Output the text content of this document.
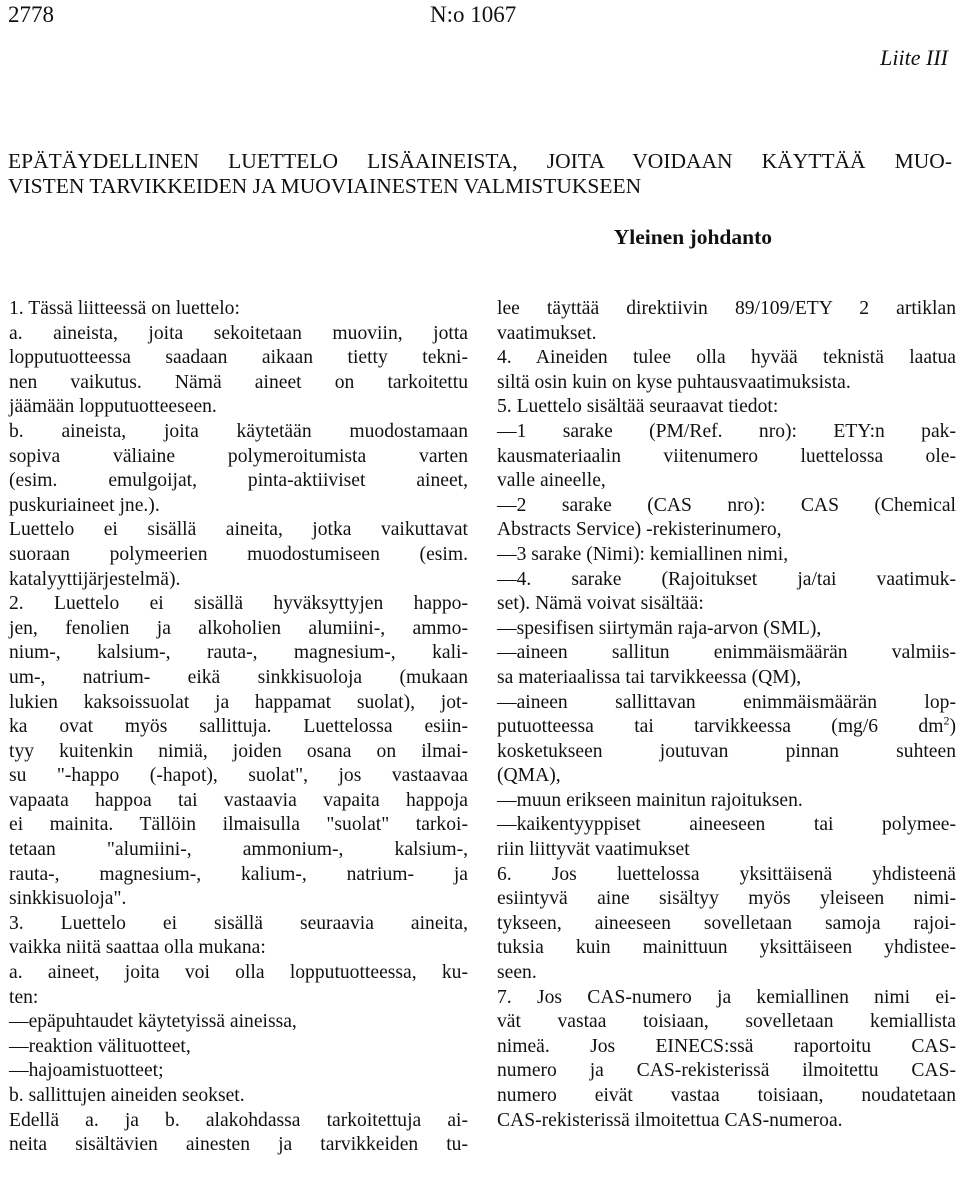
2778	N:o 1067
Liite III
EPÄTÄYDELLINEN LUETTELO LISÄAINEISTA, JOITA VOIDAAN KÄYTTÄÄ MUO-
VISTEN TARVIKKEIDEN JA MUOVIAINESTEN VALMISTUKSEEN
Yleinen johdanto
1. Tässä liitteessä on luettelo:
a. aineista, joita sekoitetaan muoviin, jotta
lopputuotteessa saadaan aikaan tietty tekni-
nen vaikutus. Nämä aineet on tarkoitettu
jäämään lopputuotteeseen.
b. aineista, joita käytetään muodostamaan
sopiva väliaine polymeroitumista varten
(esim. emulgoijat, pinta-aktiiviset aineet,
puskuriaineet jne.).
Luettelo ei sisällä aineita, jotka vaikuttavat
suoraan polymeerien muodostumiseen (esim.
katalyyttijärjestelmä).
2. Luettelo ei sisällä hyväksyttyjen happo-
jen, fenolien ja alkoholien alumiini-, ammo-
nium-, kalsium-, rauta-, magnesium-, kali-
um-, natrium- eikä sinkkisuoloja (mukaan
lukien kaksoissuolat ja happamat suolat), jot-
ka ovat myös sallittuja. Luettelossa esiin-
tyy kuitenkin nimiä, joiden osana on ilmai-
su "-happo (-hapot), suolat", jos vastaavaa
vapaata happoa tai vastaavia vapaita happoja
ei mainita. Tällöin ilmaisulla "suolat" tarkoi-
tetaan "alumiini-, ammonium-, kalsium-,
rauta-, magnesium-, kalium-, natrium- ja
sinkkisuoloja".
3. Luettelo ei sisällä seuraavia aineita,
vaikka niitä saattaa olla mukana:
a. aineet, joita voi olla lopputuotteessa, ku-
ten:
—epäpuhtaudet käytetyissä aineissa,
—reaktion välituotteet,
—hajoamistuotteet;
b. sallittujen aineiden seokset.
Edellä a. ja b. alakohdassa tarkoitettuja ai-
neita sisältävien ainesten ja tarvikkeiden tu-
lee täyttää direktiivin 89/109/ETY 2 artiklan
vaatimukset.
4. Aineiden tulee olla hyvää teknistä laatua
siltä osin kuin on kyse puhtausvaatimuksista.
5. Luettelo sisältää seuraavat tiedot:
—1 sarake (PM/Ref. nro): ETY:n pak-
kausmateriaalin viitenumero luettelossa ole-
valle aineelle,
—2 sarake (CAS nro): CAS (Chemical
Abstracts Service) -rekisterinumero,
—3 sarake (Nimi): kemiallinen nimi,
—4. sarake (Rajoitukset ja/tai vaatimuk-
set). Nämä voivat sisältää:
—spesifisen siirtymän raja-arvon (SML),
—aineen sallitun enimmäismäärän valmiis-
sa materiaalissa tai tarvikkeessa (QM),
—aineen sallittavan enimmäismäärän lop-
putuotteessa tai tarvikkeessa (mg/6 $dm^2$)
kosketukseen joutuvan pinnan suhteen
(QMA),
—muun erikseen mainitun rajoituksen.
—kaikentyyppiset aineeseen tai polymee-
riin liittyvät vaatimukset
6. Jos luettelossa yksittäisenä yhdisteenä
esiintyvä aine sisältyy myös yleiseen nimi-
tykseen, aineeseen sovelletaan samoja rajoi-
tuksia kuin mainittuun yksittäiseen yhdistee-
seen.
7. Jos CAS-numero ja kemiallinen nimi ei-
vät vastaa toisiaan, sovelletaan kemiallista
nimeä. Jos EINECS:ssä raportoitu CAS-
numero ja CAS-rekisterissä ilmoitettu CAS-
numero eivät vastaa toisiaan, noudatetaan
CAS-rekisterissä ilmoitettua CAS-numeroa.
